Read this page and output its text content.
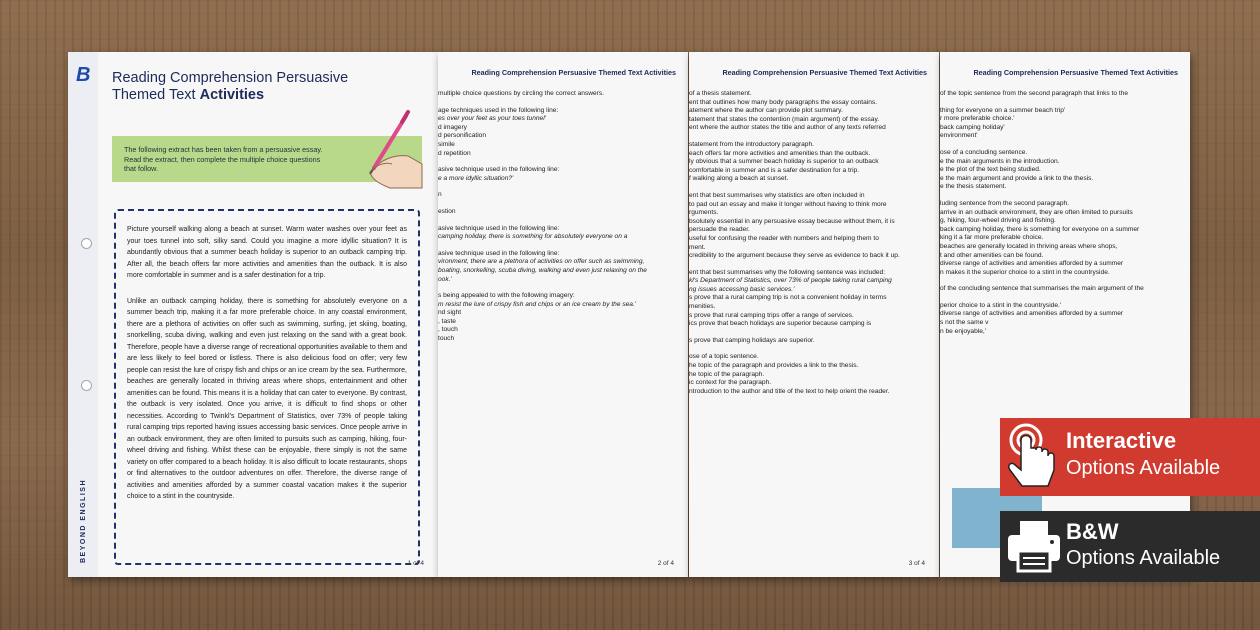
B
BEYOND ENGLISH
Reading Comprehension Persuasive
Themed Text Activities
The following extract has been taken from a persuasive essay. Read the extract, then complete the multiple choice questions that follow.

Picture yourself walking along a beach at sunset. Warm water washes over your feet as your toes tunnel into soft, silky sand. Could you imagine a more idyllic situation? It is abundantly obvious that a summer beach holiday is superior to an outback camping trip. After all, the beach offers far more activities and amenities than the outback. It is also more comfortable in summer and is a safer destination for a trip.

Unlike an outback camping holiday, there is something for absolutely everyone on a summer beach trip, making it a far more preferable choice. In any coastal environment, there are a plethora of activities on offer such as swimming, surfing, jet skiing, boating, snorkelling, scuba diving, walking and even just relaxing on the sand with a great book. Therefore, people have a diverse range of recreational opportunities available to them and are less likely to feel bored or listless. There is also delicious food on offer; very few people can resist the lure of crispy fish and chips or an ice cream by the sea. Furthermore, beaches are generally located in thriving areas where shops, entertainment and other amenities can be found. This means it is a holiday that can cater to everyone. By contrast, the outback is very isolated. Once you arrive, it is difficult to find shops or other necessities. According to Twinkl's Department of Statistics, over 73% of people taking rural camping trips reported having issues accessing basic services. Once people arrive in an outback environment, they are often limited to pursuits such as camping, hiking, four-wheel driving and fishing. Whilst these can be enjoyable, there simply is not the same variety on offer compared to a beach holiday. It is also difficult to locate restaurants, shops or find alternatives to the outdoor adventures on offer. Therefore, the diverse range of activities and amenities afforded by a summer coastal vacation makes it the superior choice to a stint in the countryside.

1 of 4
Reading Comprehension Persuasive Themed Text Activities
multiple choice questions by circling the correct answers.
age techniques used in the following line:
es over your feet as your toes tunnel'
d imagery
d personification
simile
d repetition
asive technique used in the following line:
e a more idyllic situation?'
n
estion
asive technique used in the following line:
camping holiday, there is something for absolutely everyone on a
asive technique used in the following line:
vironment, there are a plethora of activities on offer such as swimming,
boating, snorkelling, scuba diving, walking and even just relaxing on the
ook.'
s being appealed to with the following imagery:
m resist the lure of crispy fish and chips or an ice cream by the sea.'
nd sight
, taste
, touch
touch
2 of 4
Reading Comprehension Persuasive Themed Text Activities
of a thesis statement.
ent that outlines how many body paragraphs the essay contains.
atement where the author can provide plot summary.
tatement that states the contention (main argument) of the essay.
ent where the author states the title and author of any texts referred
statement from the introductory paragraph.
each offers far more activities and amenities than the outback.
ly obvious that a summer beach holiday is superior to an outback
comfortable in summer and is a safer destination for a trip.
f walking along a beach at sunset.
ent that best summarises why statistics are often included in
to pad out an essay and make it longer without having to think more
rguments.
bsolutely essential in any persuasive essay because without them, it is
persuade the reader.
useful for confusing the reader with numbers and helping them to
ment.
credibility to the argument because they serve as evidence to back it up.
ent that best summarises why the following sentence was included:
kl's Department of Statistics, over 73% of people taking rural camping
ng issues accessing basic services.'
s prove that a rural camping trip is not a convenient holiday in terms
menities.
s prove that rural camping trips offer a range of services.
ics prove that beach holidays are superior because camping is
s prove that camping holidays are superior.
ose of a topic sentence.
he topic of the paragraph and provides a link to the thesis.
he topic of the paragraph.
ic context for the paragraph.
ntroduction to the author and title of the text to help orient the reader.
3 of 4
Reading Comprehension Persuasive Themed Text Activities
of the topic sentence from the second paragraph that links to the
thing for everyone on a summer beach trip'
r more preferable choice.'
back camping holiday'
environment'
ose of a concluding sentence.
e the main arguments in the introduction.
e the plot of the text being studied.
e the main argument and provide a link to the thesis.
e the thesis statement.
luding sentence from the second paragraph.
arrive in an outback environment, they are often limited to pursuits
g, hiking, four-wheel driving and fishing.
back camping holiday, there is something for everyone on a summer
king it a far more preferable choice.
beaches are generally located in thriving areas where shops,
t and other amenities can be found.
diverse range of activities and amenities afforded by a summer
n makes it the superior choice to a stint in the countryside.
of the concluding sentence that summarises the main argument of the
perior choice to a stint in the countryside.'
diverse range of activities and amenities afforded by a summer
s not the same v
n be enjoyable,'
Interactive
Options Available
B&W
Options Available
